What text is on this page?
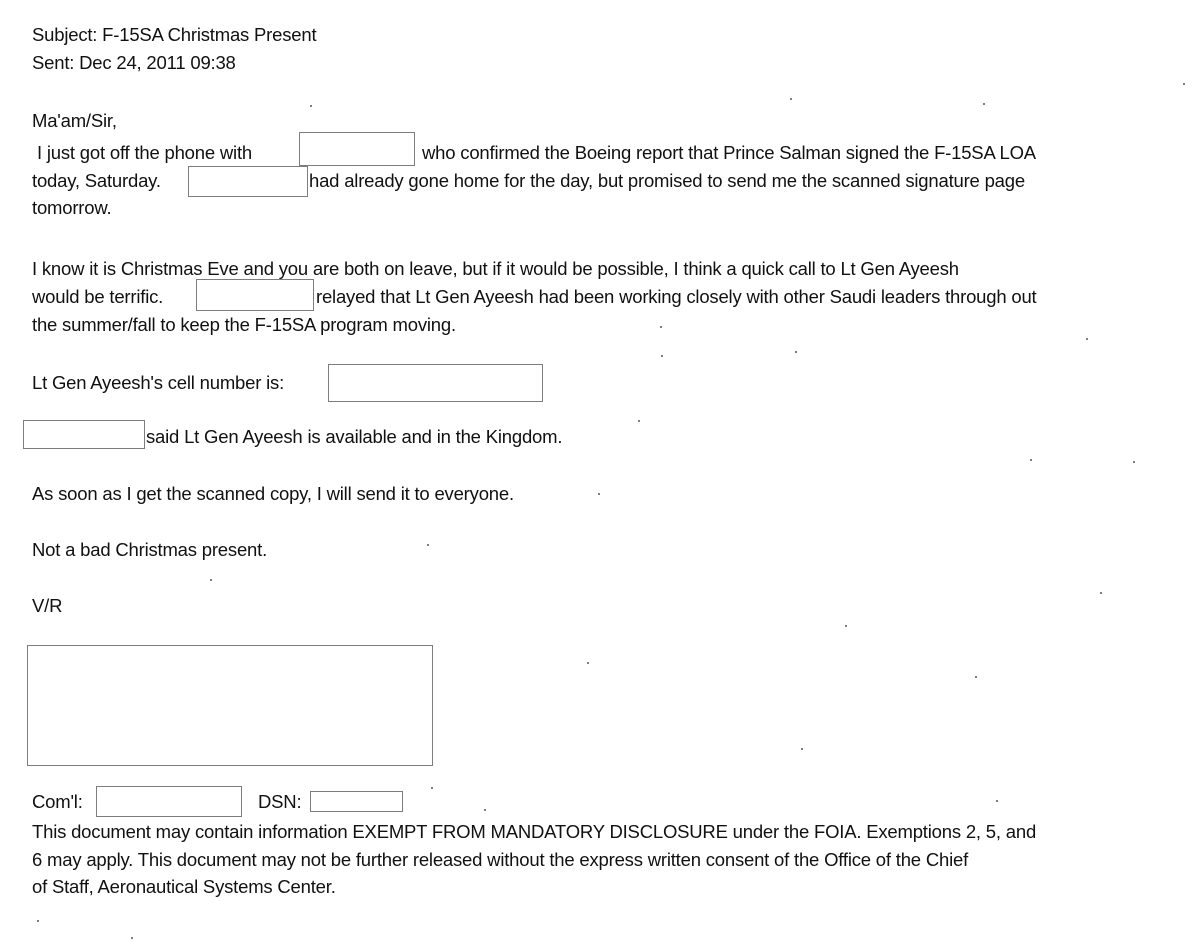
Subject: F-15SA Christmas Present
Sent: Dec 24, 2011 09:38
Ma'am/Sir,
I just got off the phone with	who confirmed the Boeing report that Prince Salman signed the F-15SA LOA
today, Saturday.	had already gone home for the day, but promised to send me the scanned signature page
tomorrow.
I know it is Christmas Eve and you are both on leave, but if it would be possible, I think a quick call to Lt Gen Ayeesh
would be terrific.	relayed that Lt Gen Ayeesh had been working closely with other Saudi leaders through out
the summer/fall to keep the F-15SA program moving.
Lt Gen Ayeesh's cell number is:
said Lt Gen Ayeesh is available and in the Kingdom.
As soon as I get the scanned copy, I will send it to everyone.
Not a bad Christmas present.
V/R
Com'l:	DSN:
This document may contain information EXEMPT FROM MANDATORY DISCLOSURE under the FOIA. Exemptions 2, 5, and
6 may apply. This document may not be further released without the express written consent of the Office of the Chief
of Staff, Aeronautical Systems Center.
